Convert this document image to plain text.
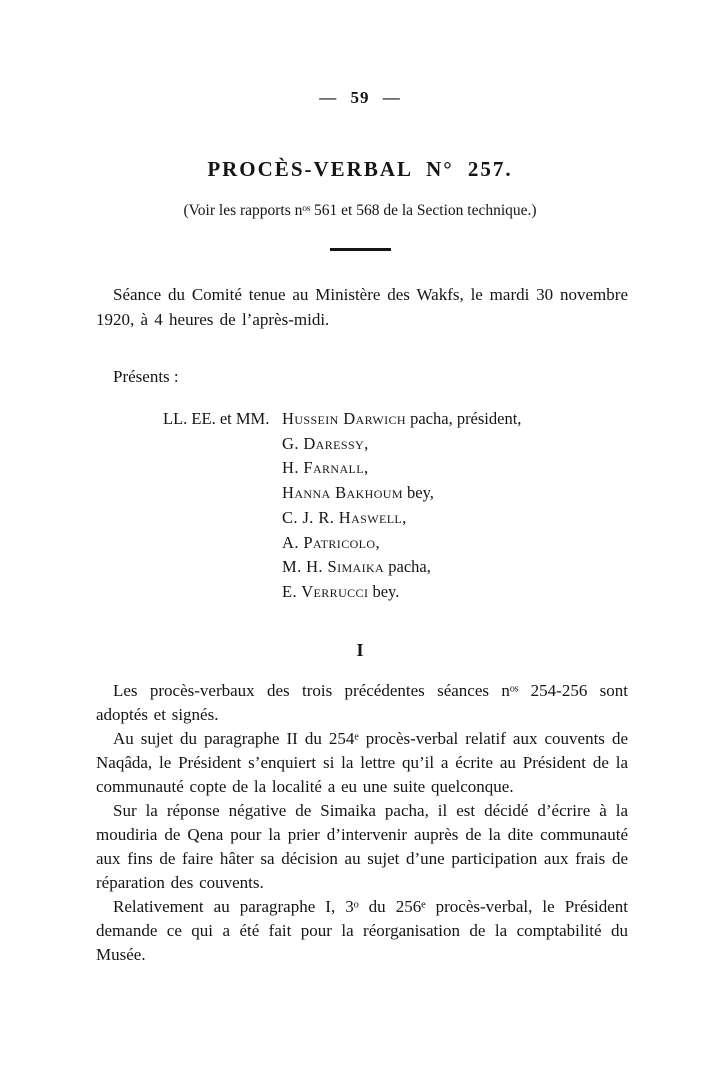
— 59 —
PROCÈS-VERBAL N° 257.
(Voir les rapports nᵒˢ 561 et 568 de la Section technique.)

Séance du Comité tenue au Ministère des Wakfs, le mardi 30 novembre 1920, à 4 heures de l’après-midi.

Présents :
LL. EE. et MM. Hussein Darwich pacha, président,
G. Daressy,
H. Farnall,
Hanna Bakhoum bey,
C. J. R. Haswell,
A. Patricolo,
M. H. Simaika pacha,
E. Verrucci bey.
I

Les procès-verbaux des trois précédentes séances nᵒˢ 254-256 sont adoptés et signés.

Au sujet du paragraphe II du 254ᵉ procès-verbal relatif aux couvents de Naqâda, le Président s’enquiert si la lettre qu’il a écrite au Président de la communauté copte de la localité a eu une suite quelconque.

Sur la réponse négative de Simaika pacha, il est décidé d’écrire à la moudiria de Qena pour la prier d’intervenir auprès de la dite communauté aux fins de faire hâter sa décision au sujet d’une participation aux frais de réparation des couvents.

Relativement au paragraphe I, 3ᵒ du 256ᵉ procès-verbal, le Président demande ce qui a été fait pour la réorganisation de la comptabilité du Musée.
